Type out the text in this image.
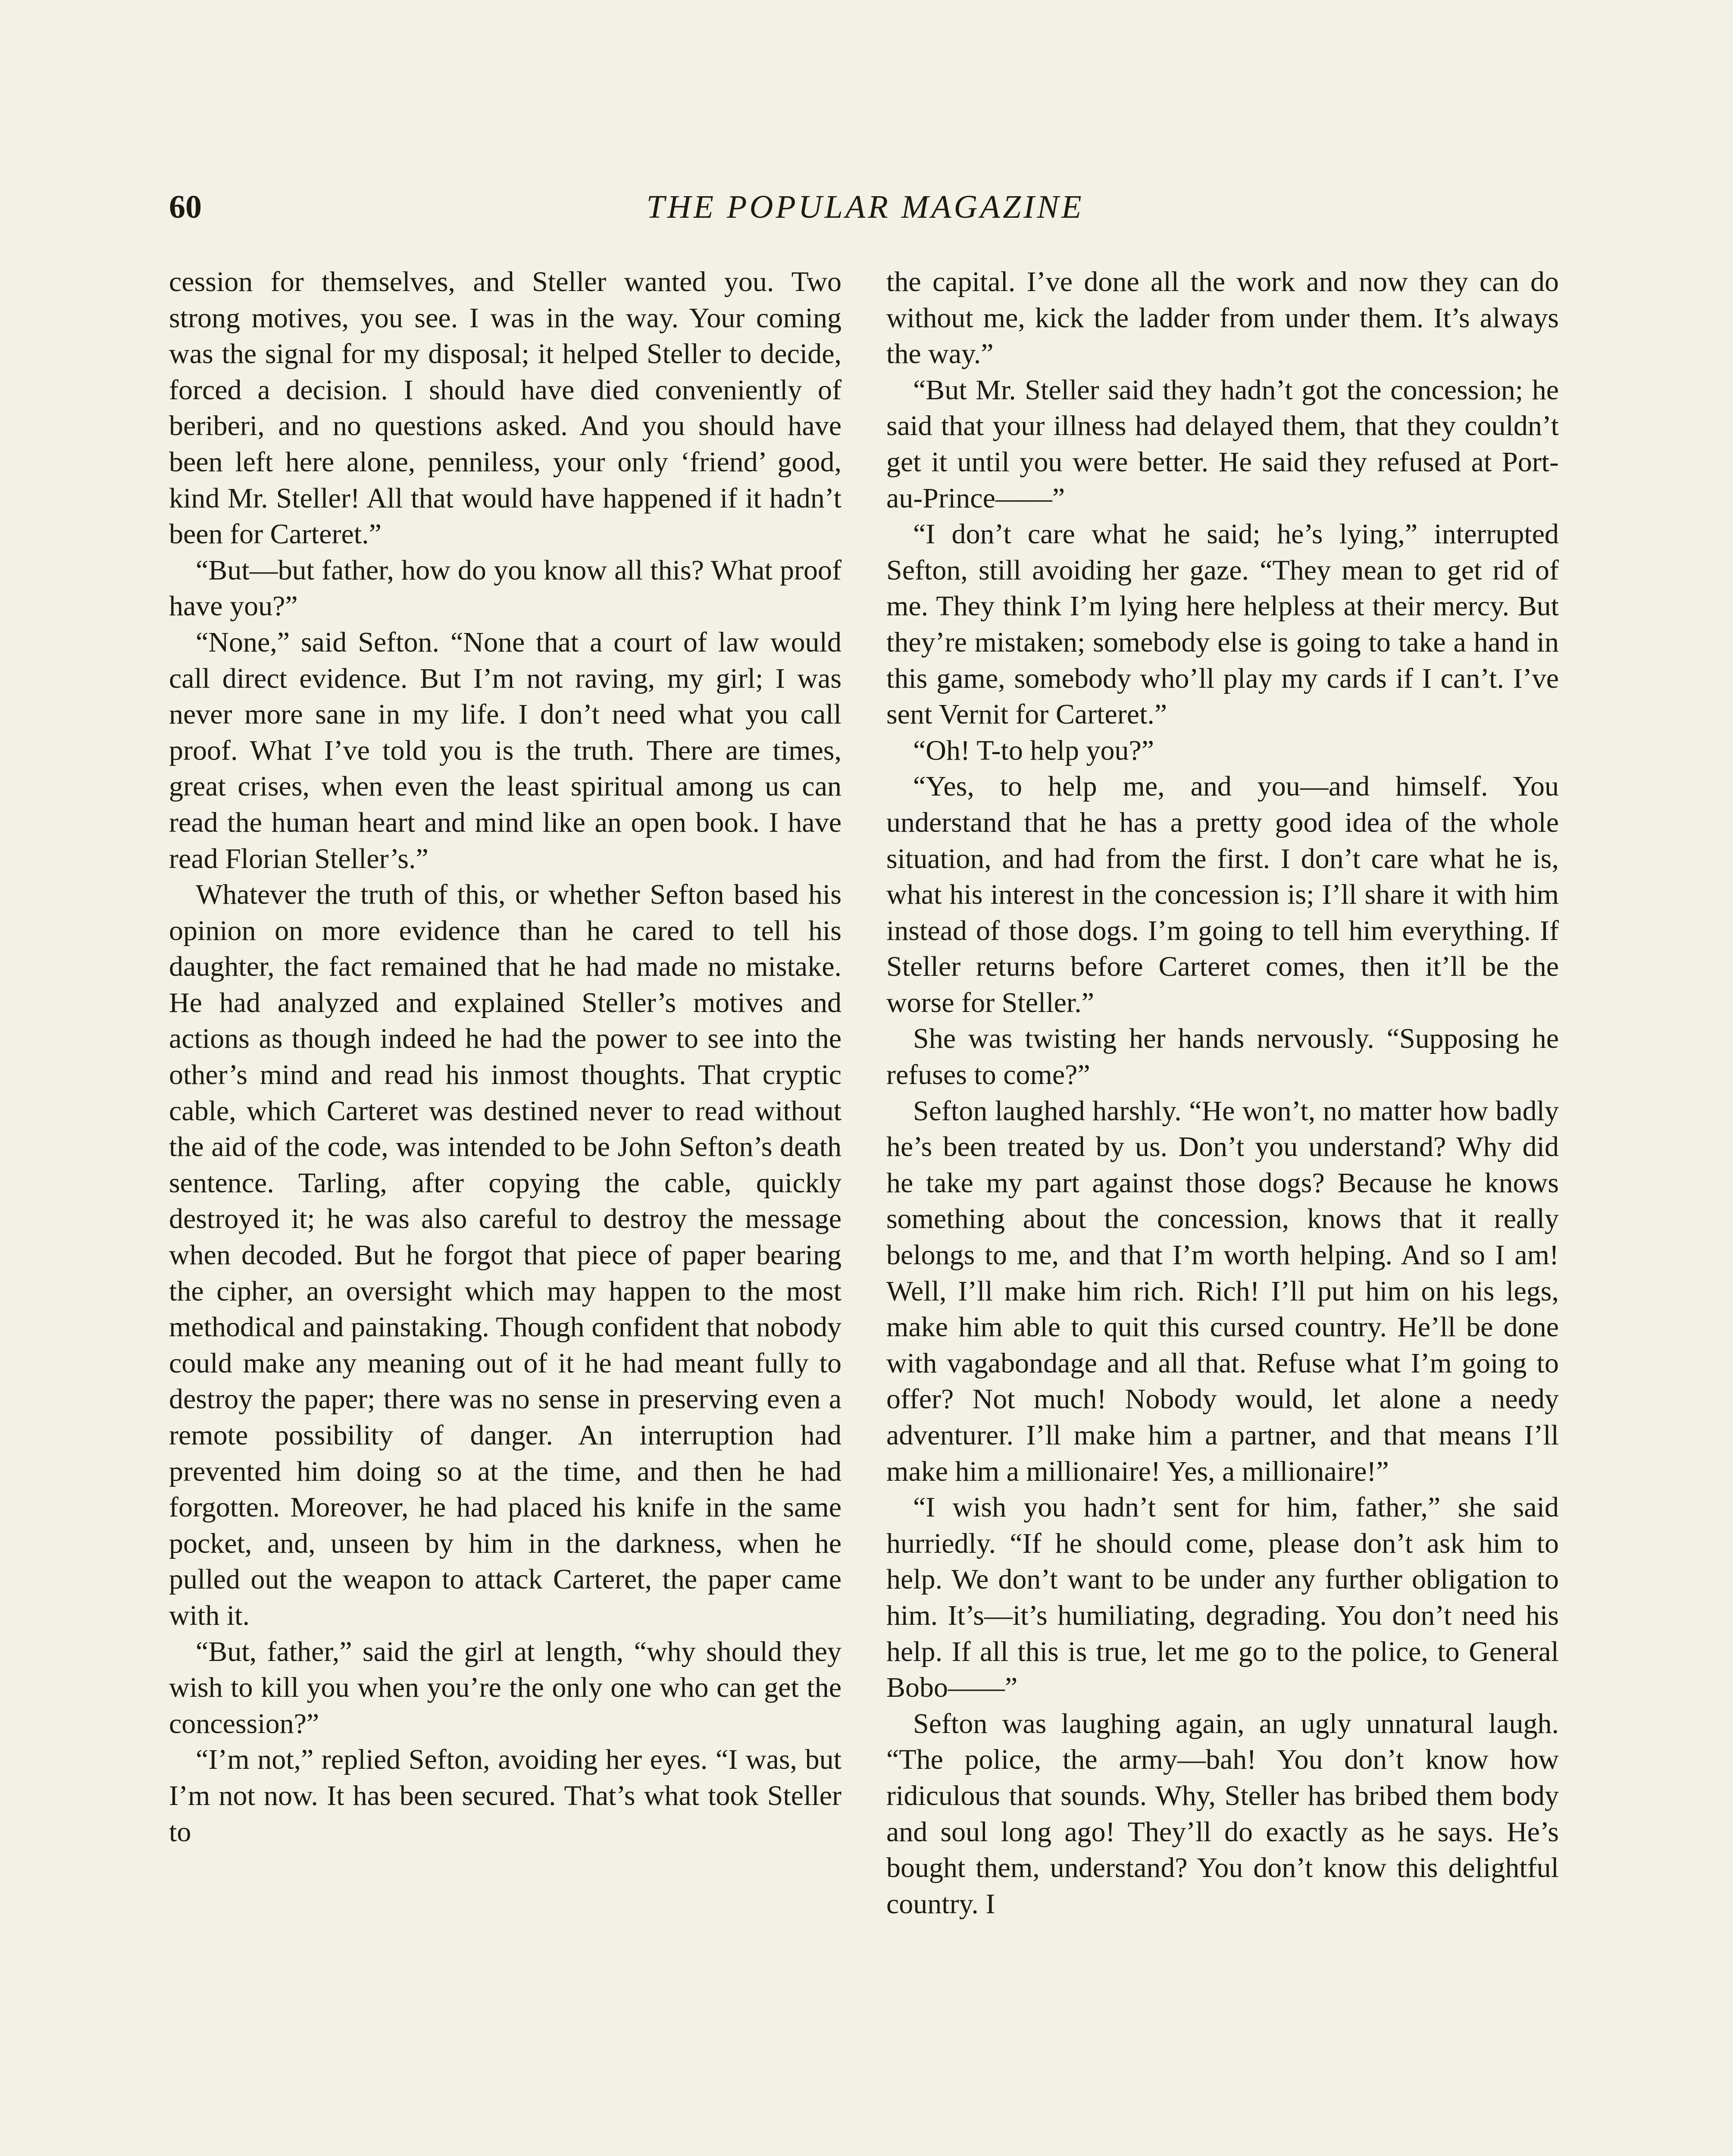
60	THE POPULAR MAGAZINE

cession for themselves, and Steller wanted you. Two strong motives, you see. I was in the way. Your coming was the signal for my disposal; it helped Steller to decide, forced a decision. I should have died conveniently of beriberi, and no questions asked. And you should have been left here alone, penniless, your only ‘friend’ good, kind Mr. Steller! All that would have happened if it hadn’t been for Carteret.”

“But—but father, how do you know all this? What proof have you?”

“None,” said Sefton. “None that a court of law would call direct evidence. But I’m not raving, my girl; I was never more sane in my life. I don’t need what you call proof. What I’ve told you is the truth. There are times, great crises, when even the least spiritual among us can read the human heart and mind like an open book. I have read Florian Steller’s.”

Whatever the truth of this, or whether Sefton based his opinion on more evidence than he cared to tell his daughter, the fact remained that he had made no mistake. He had analyzed and explained Steller’s motives and actions as though indeed he had the power to see into the other’s mind and read his inmost thoughts. That cryptic cable, which Carteret was destined never to read without the aid of the code, was intended to be John Sefton’s death sentence. Tarling, after copying the cable, quickly destroyed it; he was also careful to destroy the message when decoded. But he forgot that piece of paper bearing the cipher, an oversight which may happen to the most methodical and painstaking. Though confident that nobody could make any meaning out of it he had meant fully to destroy the paper; there was no sense in preserving even a remote possibility of danger. An interruption had prevented him doing so at the time, and then he had forgotten. Moreover, he had placed his knife in the same pocket, and, unseen by him in the darkness, when he pulled out the weapon to attack Carteret, the paper came with it.

“But, father,” said the girl at length, “why should they wish to kill you when you’re the only one who can get the concession?”

“I’m not,” replied Sefton, avoiding her eyes. “I was, but I’m not now. It has been secured. That’s what took Steller to

the capital. I’ve done all the work and now they can do without me, kick the ladder from under them. It’s always the way.”

“But Mr. Steller said they hadn’t got the concession; he said that your illness had delayed them, that they couldn’t get it until you were better. He said they refused at Port-au-Prince——”

“I don’t care what he said; he’s lying,” interrupted Sefton, still avoiding her gaze. “They mean to get rid of me. They think I’m lying here helpless at their mercy. But they’re mistaken; somebody else is going to take a hand in this game, somebody who’ll play my cards if I can’t. I’ve sent Vernit for Carteret.”

“Oh! T-to help you?”

“Yes, to help me, and you—and himself. You understand that he has a pretty good idea of the whole situation, and had from the first. I don’t care what he is, what his interest in the concession is; I’ll share it with him instead of those dogs. I’m going to tell him everything. If Steller returns before Carteret comes, then it’ll be the worse for Steller.”

She was twisting her hands nervously. “Supposing he refuses to come?”

Sefton laughed harshly. “He won’t, no matter how badly he’s been treated by us. Don’t you understand? Why did he take my part against those dogs? Because he knows something about the concession, knows that it really belongs to me, and that I’m worth helping. And so I am! Well, I’ll make him rich. Rich! I’ll put him on his legs, make him able to quit this cursed country. He’ll be done with vagabondage and all that. Refuse what I’m going to offer? Not much! Nobody would, let alone a needy adventurer. I’ll make him a partner, and that means I’ll make him a millionaire! Yes, a millionaire!”

“I wish you hadn’t sent for him, father,” she said hurriedly. “If he should come, please don’t ask him to help. We don’t want to be under any further obligation to him. It’s—it’s humiliating, degrading. You don’t need his help. If all this is true, let me go to the police, to General Bobo——”

Sefton was laughing again, an ugly unnatural laugh. “The police, the army—bah! You don’t know how ridiculous that sounds. Why, Steller has bribed them body and soul long ago! They’ll do exactly as he says. He’s bought them, understand? You don’t know this delightful country. I
